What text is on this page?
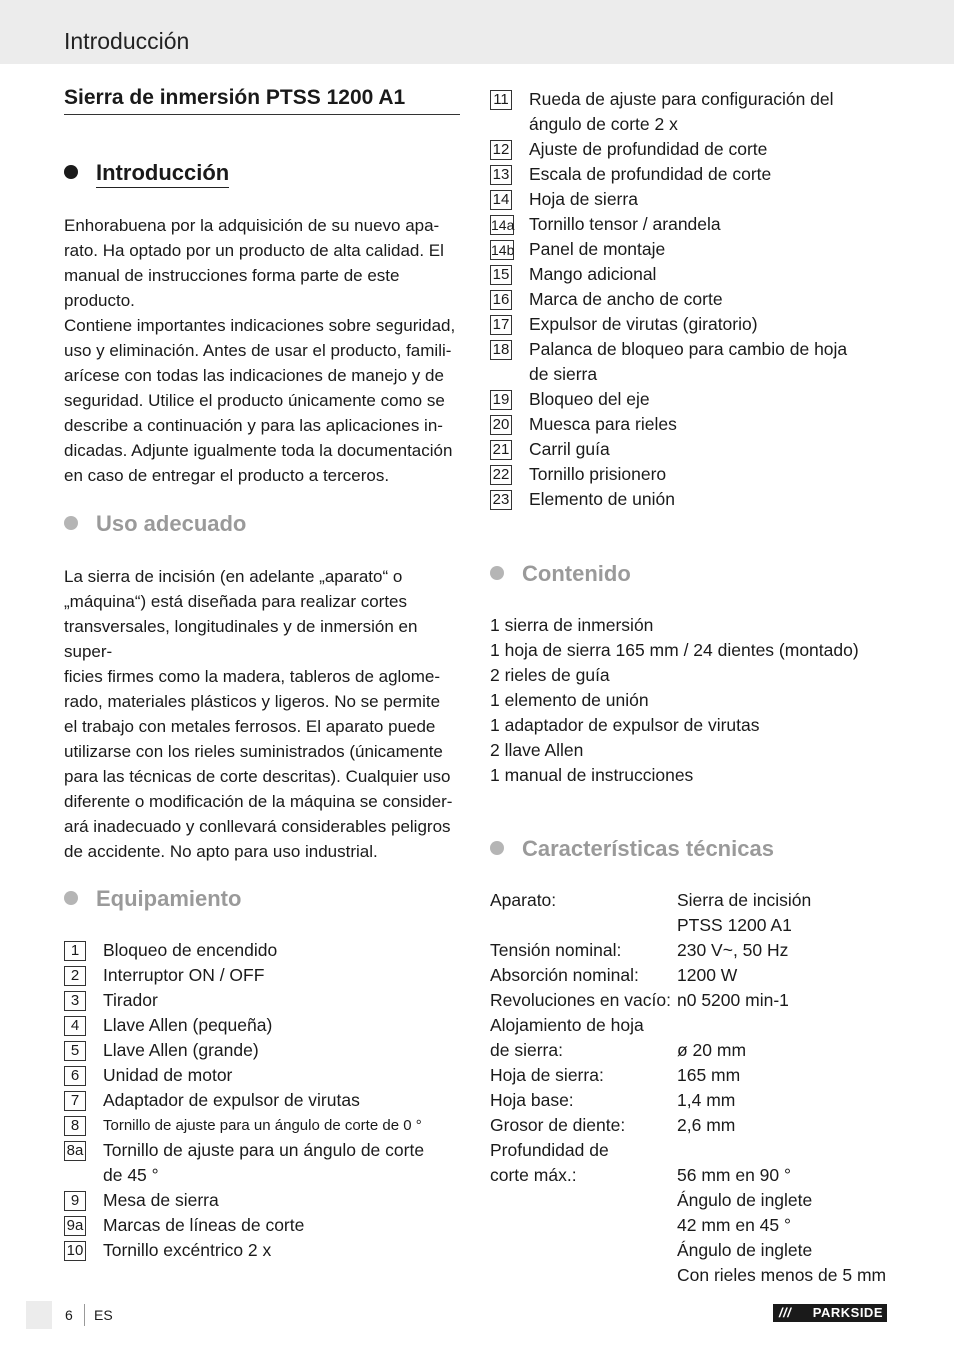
Introducción
Sierra de inmersión PTSS 1200 A1
Introducción
Enhorabuena por la adquisición de su nuevo apa-
rato. Ha optado por un producto de alta calidad. El
manual de instrucciones forma parte de este producto.
Contiene importantes indicaciones sobre seguridad,
uso y eliminación. Antes de usar el producto, famili-
arícese con todas las indicaciones de manejo y de
seguridad. Utilice el producto únicamente como se
describe a continuación y para las aplicaciones in-
dicadas. Adjunte igualmente toda la documentación
en caso de entregar el producto a terceros.
Uso adecuado
La sierra de incisión (en adelante „aparato“ o
„máquina“) está diseñada para realizar cortes
transversales, longitudinales y de inmersión en super-
ficies firmes como la madera, tableros de aglome-
rado, materiales plásticos y ligeros. No se permite
el trabajo con metales ferrosos. El aparato puede
utilizarse con los rieles suministrados (únicamente
para las técnicas de corte descritas). Cualquier uso
diferente o modificación de la máquina se consider-
ará inadecuado y conllevará considerables peligros
de accidente. No apto para uso industrial.
Equipamiento
1	Bloqueo de encendido
2	Interruptor ON / OFF
3	Tirador
4	Llave Allen (pequeña)
5	Llave Allen (grande)
6	Unidad de motor
7	Adaptador de expulsor de virutas
8	Tornillo de ajuste para un ángulo de corte de 0 °
8a Tornillo de ajuste para un ángulo de corte de 45 °
9	Mesa de sierra
9a Marcas de líneas de corte
10 Tornillo excéntrico 2 x
11 Rueda de ajuste para configuración del ángulo de corte 2 x
12 Ajuste de profundidad de corte
13 Escala de profundidad de corte
14 Hoja de sierra
14a Tornillo tensor / arandela
14b Panel de montaje
15 Mango adicional
16 Marca de ancho de corte
17 Expulsor de virutas (giratorio)
18 Palanca de bloqueo para cambio de hoja de sierra
19 Bloqueo del eje
20 Muesca para rieles
21 Carril guía
22 Tornillo prisionero
23 Elemento de unión
Contenido
1 sierra de inmersión
1 hoja de sierra 165 mm / 24 dientes (montado)
2 rieles de guía
1 elemento de unión
1 adaptador de expulsor de virutas
2 llave Allen
1 manual de instrucciones
Características técnicas
Aparato:	Sierra de incisión
PTSS 1200 A1
Tensión nominal:	230 V~, 50 Hz
Absorción nominal: 1200 W
Revoluciones en vacío: n0 5200 min-1
Alojamiento de hoja
de sierra:	ø 20 mm
Hoja de sierra:	165 mm
Hoja base:	1,4 mm
Grosor de diente:	2,6 mm
Profundidad de
corte máx.:	56 mm en 90 °
Ángulo de inglete
42 mm en 45 °
Ángulo de inglete
Con rieles menos de 5 mm
6 ES	/// PARKSIDE
